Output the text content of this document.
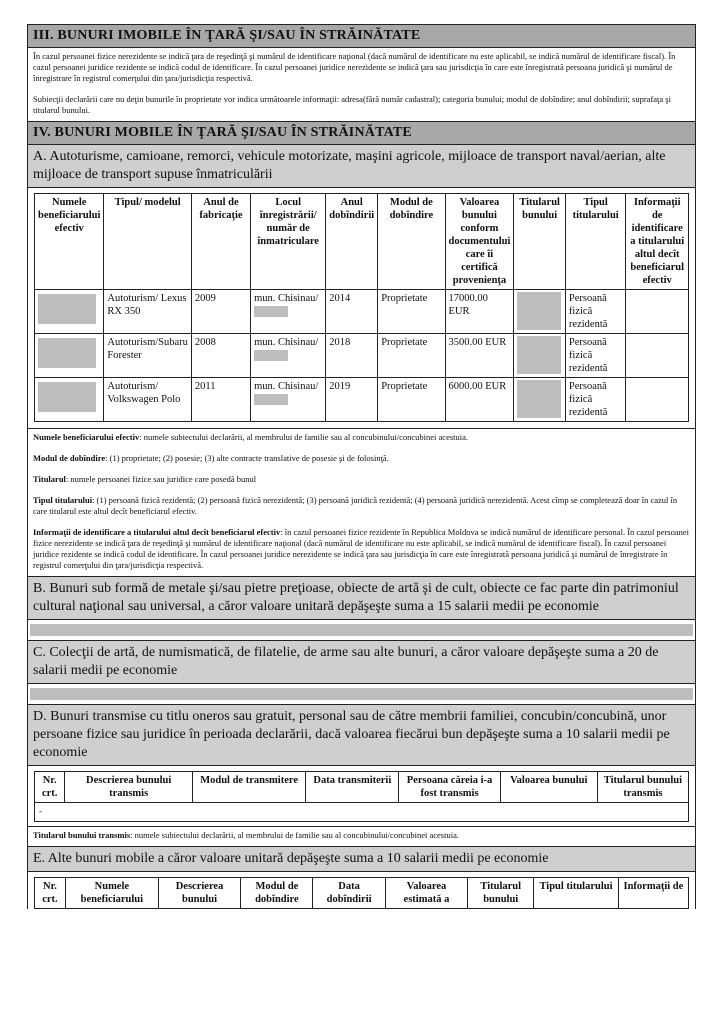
III. BUNURI IMOBILE ÎN ŢARĂ ŞI/SAU ÎN STRĂINĂTATE

În cazul persoanei fizice nerezidente se indică ţara de reşedinţă şi numărul de identificare naţional (dacă numărul de identificare nu este aplicabil, se indică numărul de identificare fiscal). În cazul persoanei juridice rezidente se indică codul de identificare. În cazul persoanei juridice nerezidente se indică ţara sau jurisdicţia în care este înregistrată persoana juridică şi numărul de înregistrare în registrul comerţului din ţara/jurisdicţia respectivă.

Subiecţii declarării care nu deţin bunurile în proprietate vor indica următoarele informaţii: adresa(fără număr cadastral); categoria bunului; modul de dobîndire; anul dobîndirii; suprafaţa şi titularul bunului.

IV. BUNURI MOBILE ÎN ŢARĂ ŞI/SAU ÎN STRĂINĂTATE
A. Autoturisme, camioane, remorci, vehicule motorizate, maşini agricole, mijloace de transport naval/aerian, alte mijloace de transport supuse înmatriculării
Numele beneficiarului efectiv	Tipul/ modelul	Anul de fabricaţie	Locul înregistrării/ număr de înmatriculare	Anul dobîndirii	Modul de dobîndire	Valoarea bunului conform documentului care îi certifică provenienţa	Titularul bunului	Tipul titularului	Informaţii de identificare a titularului altul decît beneficiarul efectiv
	Autoturism/ Lexus RX 350	2009	mun. Chisinau/	2014	Proprietate	17000.00 EUR		Persoană fizică rezidentă	
	Autoturism/Subaru Forester	2008	mun. Chisinau/	2018	Proprietate	3500.00 EUR		Persoană fizică rezidentă	
	Autoturism/ Volkswagen Polo	2011	mun. Chisinau/	2019	Proprietate	6000.00 EUR		Persoană fizică rezidentă	

Numele beneficiarului efectiv: numele subiectului declarării, al membrului de familie sau al concubinului/concubinei acestuia.

Modul de dobîndire: (1) proprietate; (2) posesie; (3) alte contracte translative de posesie şi de folosinţă.

Titularul: numele persoanei fizice sau juridice care posedă bunul

Tipul titularului: (1) persoană fizică rezidentă; (2) persoană fizică nerezidentă; (3) persoană juridică rezidentă; (4) persoană juridică nerezidentă. Acest cîmp se completează doar în cazul în care titularul este altul decît beneficiarul efectiv.

Informaţii de identificare a titularului altul decît beneficiarul efectiv: în cazul persoanei fizice rezidente în Republica Moldova se indică numărul de identificare personal. În cazul persoanei fizice nerezidente se indică ţara de reşedinţă şi numărul de identificare naţional (dacă numărul de identificare nu este aplicabil, se indică numărul de identificare fiscal). În cazul persoanei juridice rezidente se indică codul de identificare. În cazul persoanei juridice nerezidente se indică ţara sau jurisdicţia în care este înregistrată persoana juridică şi numărul de înregistrare în registrul comerţului din ţara/jurisdicţia respectivă.

B. Bunuri sub formă de metale şi/sau pietre preţioase, obiecte de artă şi de cult, obiecte ce fac parte din patrimoniul cultural naţional sau universal, a căror valoare unitară depăşeşte suma a 15 salarii medii pe economie
C. Colecţii de artă, de numismatică, de filatelie, de arme sau alte bunuri, a căror valoare depăşeşte suma a 20 de salarii medii pe economie
D. Bunuri transmise cu titlu oneros sau gratuit, personal sau de către membrii familiei, concubin/concubină, unor persoane fizice sau juridice în perioada declarării, dacă valoarea fiecărui bun depăşeşte suma a 10 salarii medii pe economie
Nr. crt.	Descrierea bunului transmis	Modul de transmitere	Data transmiterii	Persoana căreia i-a fost transmis	Valoarea bunului	Titularul bunului transmis
-

Titularul bunului transmis: numele subiectului declarării, al membrului de familie sau al concubinului/concubinei acestuia.

E. Alte bunuri mobile a căror valoare unitară depăşeşte suma a 10 salarii medii pe economie
Nr. crt.	Numele beneficiarului	Descrierea bunului	Modul de dobîndire	Data dobîndirii	Valoarea estimată a	Titularul bunului	Tipul titularului	Informaţii de
